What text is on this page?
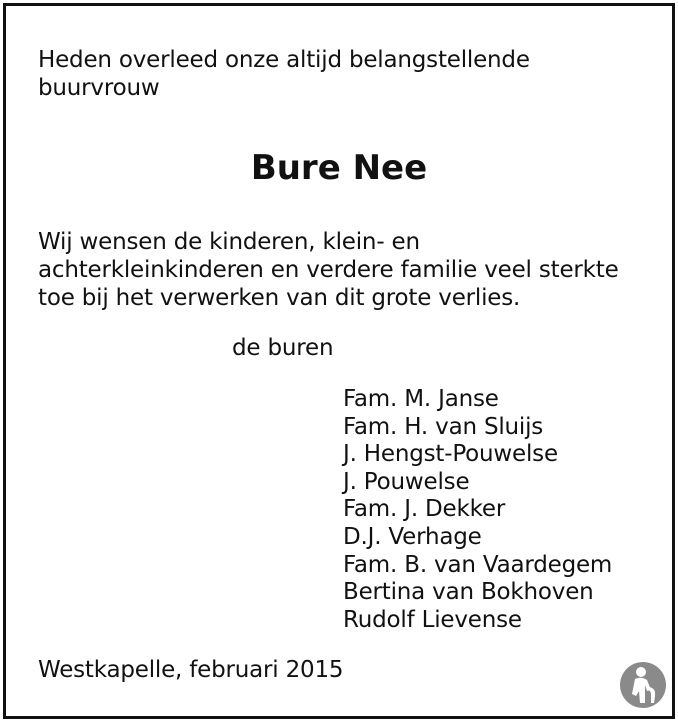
Heden overleed onze altijd belangstellende
buurvrouw
Bure Nee
Wij wensen de kinderen, klein- en
achterkleinkinderen en verdere familie veel sterkte
toe bij het verwerken van dit grote verlies.
de buren
Fam. M. Janse
Fam. H. van Sluijs
J. Hengst-Pouwelse
J. Pouwelse
Fam. J. Dekker
D.J. Verhage
Fam. B. van Vaardegem
Bertina van Bokhoven
Rudolf Lievense
Westkapelle, februari 2015
